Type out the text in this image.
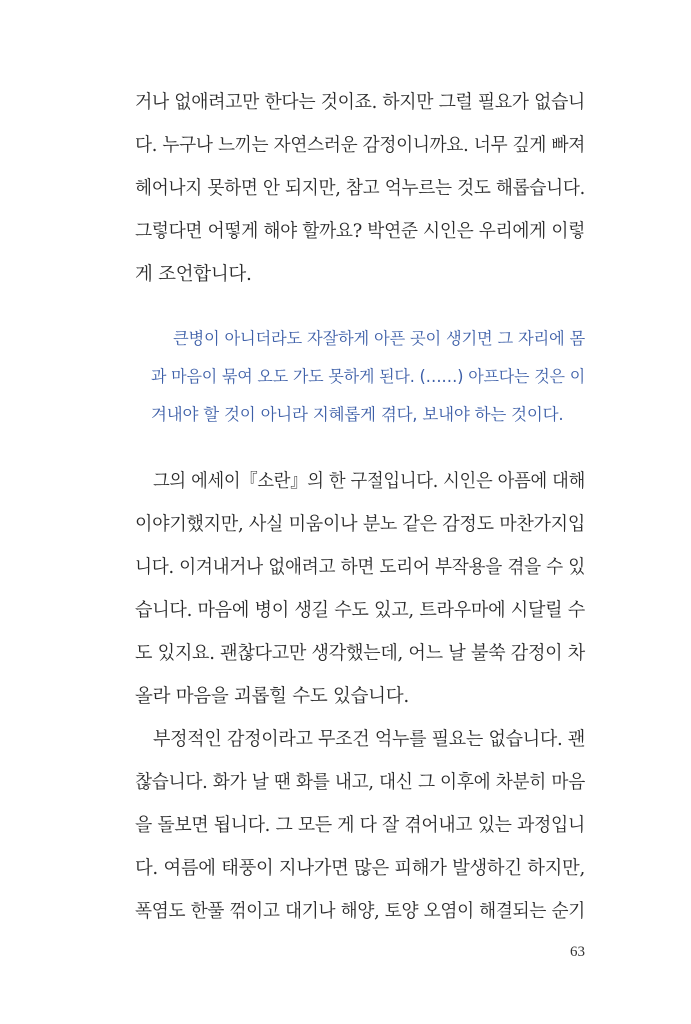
거나 없애려고만 한다는 것이죠. 하지만 그럴 필요가 없습니
다. 누구나 느끼는 자연스러운 감정이니까요. 너무 깊게 빠져
헤어나지 못하면 안 되지만, 참고 억누르는 것도 해롭습니다.
그렇다면 어떻게 해야 할까요? 박연준 시인은 우리에게 이렇
게 조언합니다.
큰병이 아니더라도 자잘하게 아픈 곳이 생기면 그 자리에 몸
과 마음이 묶여 오도 가도 못하게 된다. (……) 아프다는 것은 이
겨내야 할 것이 아니라 지혜롭게 겪다, 보내야 하는 것이다.
그의 에세이『소란』의 한 구절입니다. 시인은 아픔에 대해
이야기했지만, 사실 미움이나 분노 같은 감정도 마찬가지입
니다. 이겨내거나 없애려고 하면 도리어 부작용을 겪을 수 있
습니다. 마음에 병이 생길 수도 있고, 트라우마에 시달릴 수
도 있지요. 괜찮다고만 생각했는데, 어느 날 불쑥 감정이 차
올라 마음을 괴롭힐 수도 있습니다.
부정적인 감정이라고 무조건 억누를 필요는 없습니다. 괜
찮습니다. 화가 날 땐 화를 내고, 대신 그 이후에 차분히 마음
을 돌보면 됩니다. 그 모든 게 다 잘 겪어내고 있는 과정입니
다. 여름에 태풍이 지나가면 많은 피해가 발생하긴 하지만,
폭염도 한풀 꺾이고 대기나 해양, 토양 오염이 해결되는 순기
63
